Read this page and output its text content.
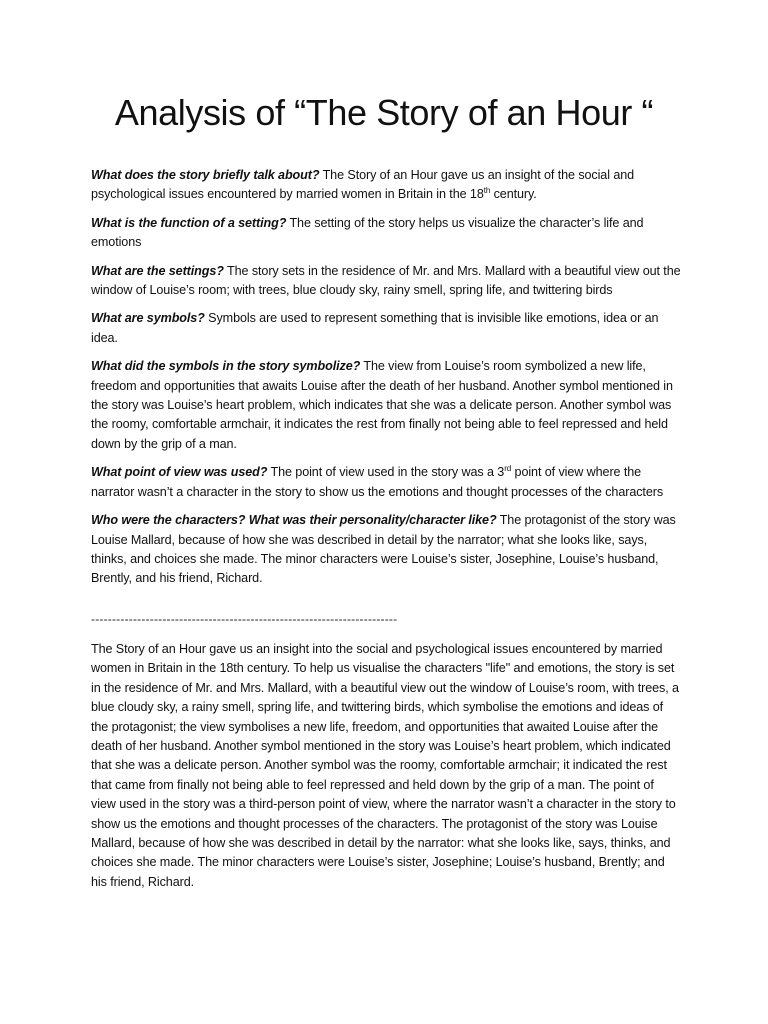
Analysis of “The Story of an Hour “

What does the story briefly talk about? The Story of an Hour gave us an insight of the social and psychological issues encountered by married women in Britain in the 18th century.

What is the function of a setting? The setting of the story helps us visualize the character’s life and emotions

What are the settings? The story sets in the residence of Mr. and Mrs. Mallard with a beautiful view out the window of Louise’s room; with trees, blue cloudy sky, rainy smell, spring life, and twittering birds

What are symbols? Symbols are used to represent something that is invisible like emotions, idea or an idea.

What did the symbols in the story symbolize? The view from Louise’s room symbolized a new life, freedom and opportunities that awaits Louise after the death of her husband. Another symbol mentioned in the story was Louise’s heart problem, which indicates that she was a delicate person. Another symbol was the roomy, comfortable armchair, it indicates the rest from finally not being able to feel repressed and held down by the grip of a man.

What point of view was used? The point of view used in the story was a 3rd point of view where the narrator wasn’t a character in the story to show us the emotions and thought processes of the characters

Who were the characters? What was their personality/character like? The protagonist of the story was Louise Mallard, because of how she was described in detail by the narrator; what she looks like, says, thinks, and choices she made. The minor characters were Louise’s sister, Josephine, Louise’s husband, Brently, and his friend, Richard.

-------------------------------------------------------------------------

The Story of an Hour gave us an insight into the social and psychological issues encountered by married women in Britain in the 18th century. To help us visualise the characters "life" and emotions, the story is set in the residence of Mr. and Mrs. Mallard, with a beautiful view out the window of Louise’s room, with trees, a blue cloudy sky, a rainy smell, spring life, and twittering birds, which symbolise the emotions and ideas of the protagonist; the view symbolises a new life, freedom, and opportunities that awaited Louise after the death of her husband. Another symbol mentioned in the story was Louise’s heart problem, which indicated that she was a delicate person. Another symbol was the roomy, comfortable armchair; it indicated the rest that came from finally not being able to feel repressed and held down by the grip of a man. The point of view used in the story was a third-person point of view, where the narrator wasn’t a character in the story to show us the emotions and thought processes of the characters. The protagonist of the story was Louise Mallard, because of how she was described in detail by the narrator: what she looks like, says, thinks, and choices she made. The minor characters were Louise’s sister, Josephine; Louise’s husband, Brently; and his friend, Richard.
